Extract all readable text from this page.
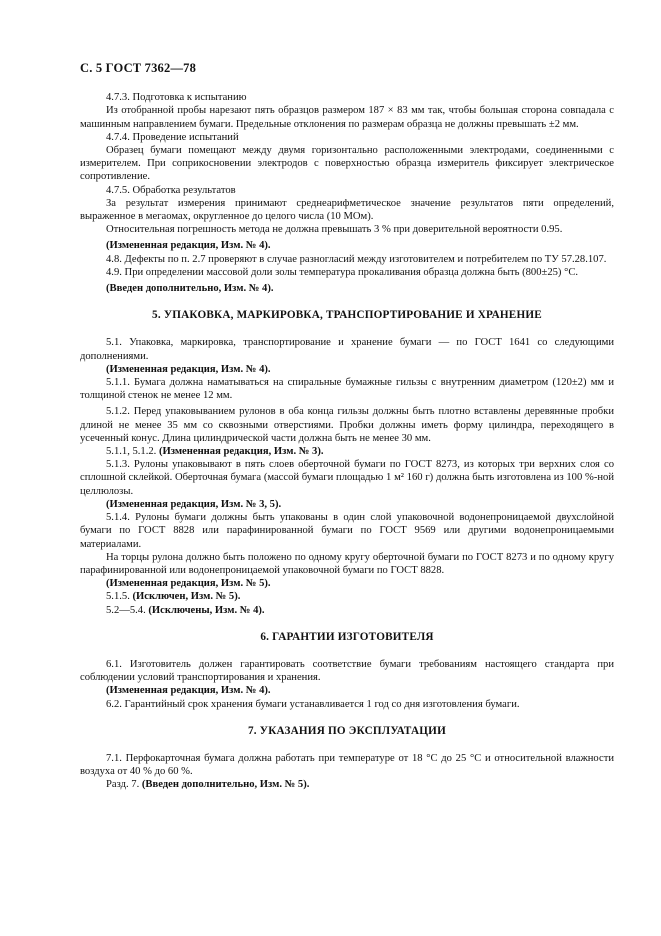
С. 5 ГОСТ 7362—78

4.7.3. Подготовка к испытанию

Из отобранной пробы нарезают пять образцов размером 187 × 83 мм так, чтобы большая сторона совпадала с машинным направлением бумаги. Предельные отклонения по размерам образца не должны превышать ±2 мм.

4.7.4. Проведение испытаний

Образец бумаги помещают между двумя горизонтально расположенными электродами, соединенными с измерителем. При соприкосновении электродов с поверхностью образца измеритель фиксирует электрическое сопротивление.

4.7.5. Обработка результатов

За результат измерения принимают среднеарифметическое значение результатов пяти определений, выраженное в мегаомах, округленное до целого числа (10 МОм).

Относительная погрешность метода не должна превышать 3 % при доверительной вероятности 0.95.

(Измененная редакция, Изм. № 4).

4.8. Дефекты по п. 2.7 проверяют в случае разногласий между изготовителем и потребителем по ТУ 57.28.107.

4.9. При определении массовой доли золы температура прокаливания образца должна быть (800±25) °С.

(Введен дополнительно, Изм. № 4).

5. УПАКОВКА, МАРКИРОВКА, ТРАНСПОРТИРОВАНИЕ И ХРАНЕНИЕ

5.1. Упаковка, маркировка, транспортирование и хранение бумаги — по ГОСТ 1641 со следующими дополнениями.

(Измененная редакция, Изм. № 4).

5.1.1. Бумага должна наматываться на спиральные бумажные гильзы с внутренним диаметром (120±2) мм и толщиной стенок не менее 12 мм.

5.1.2. Перед упаковыванием рулонов в оба конца гильзы должны быть плотно вставлены деревянные пробки длиной не менее 35 мм со сквозными отверстиями. Пробки должны иметь форму цилиндра, переходящего в усеченный конус. Длина цилиндрической части должна быть не менее 30 мм.

5.1.1, 5.1.2. (Измененная редакция, Изм. № 3).

5.1.3. Рулоны упаковывают в пять слоев оберточной бумаги по ГОСТ 8273, из которых три верхних слоя со сплошной склейкой. Оберточная бумага (массой бумаги площадью 1 м² 160 г) должна быть изготовлена из 100 %-ной целлюлозы.

(Измененная редакция, Изм. № 3, 5).

5.1.4. Рулоны бумаги должны быть упакованы в один слой упаковочной водонепроницаемой двухслойной бумаги по ГОСТ 8828 или парафинированной бумаги по ГОСТ 9569 или другими водонепроницаемыми материалами.

На торцы рулона должно быть положено по одному кругу оберточной бумаги по ГОСТ 8273 и по одному кругу парафинированной или водонепроницаемой упаковочной бумаги по ГОСТ 8828.

(Измененная редакция, Изм. № 5).

5.1.5. (Исключен, Изм. № 5).

5.2—5.4. (Исключены, Изм. № 4).

6. ГАРАНТИИ ИЗГОТОВИТЕЛЯ

6.1. Изготовитель должен гарантировать соответствие бумаги требованиям настоящего стандарта при соблюдении условий транспортирования и хранения.

(Измененная редакция, Изм. № 4).

6.2. Гарантийный срок хранения бумаги устанавливается 1 год со дня изготовления бумаги.

7. УКАЗАНИЯ ПО ЭКСПЛУАТАЦИИ

7.1. Перфокарточная бумага должна работать при температуре от 18 °С до 25 °С и относительной влажности воздуха от 40 % до 60 %.

Разд. 7. (Введен дополнительно, Изм. № 5).
